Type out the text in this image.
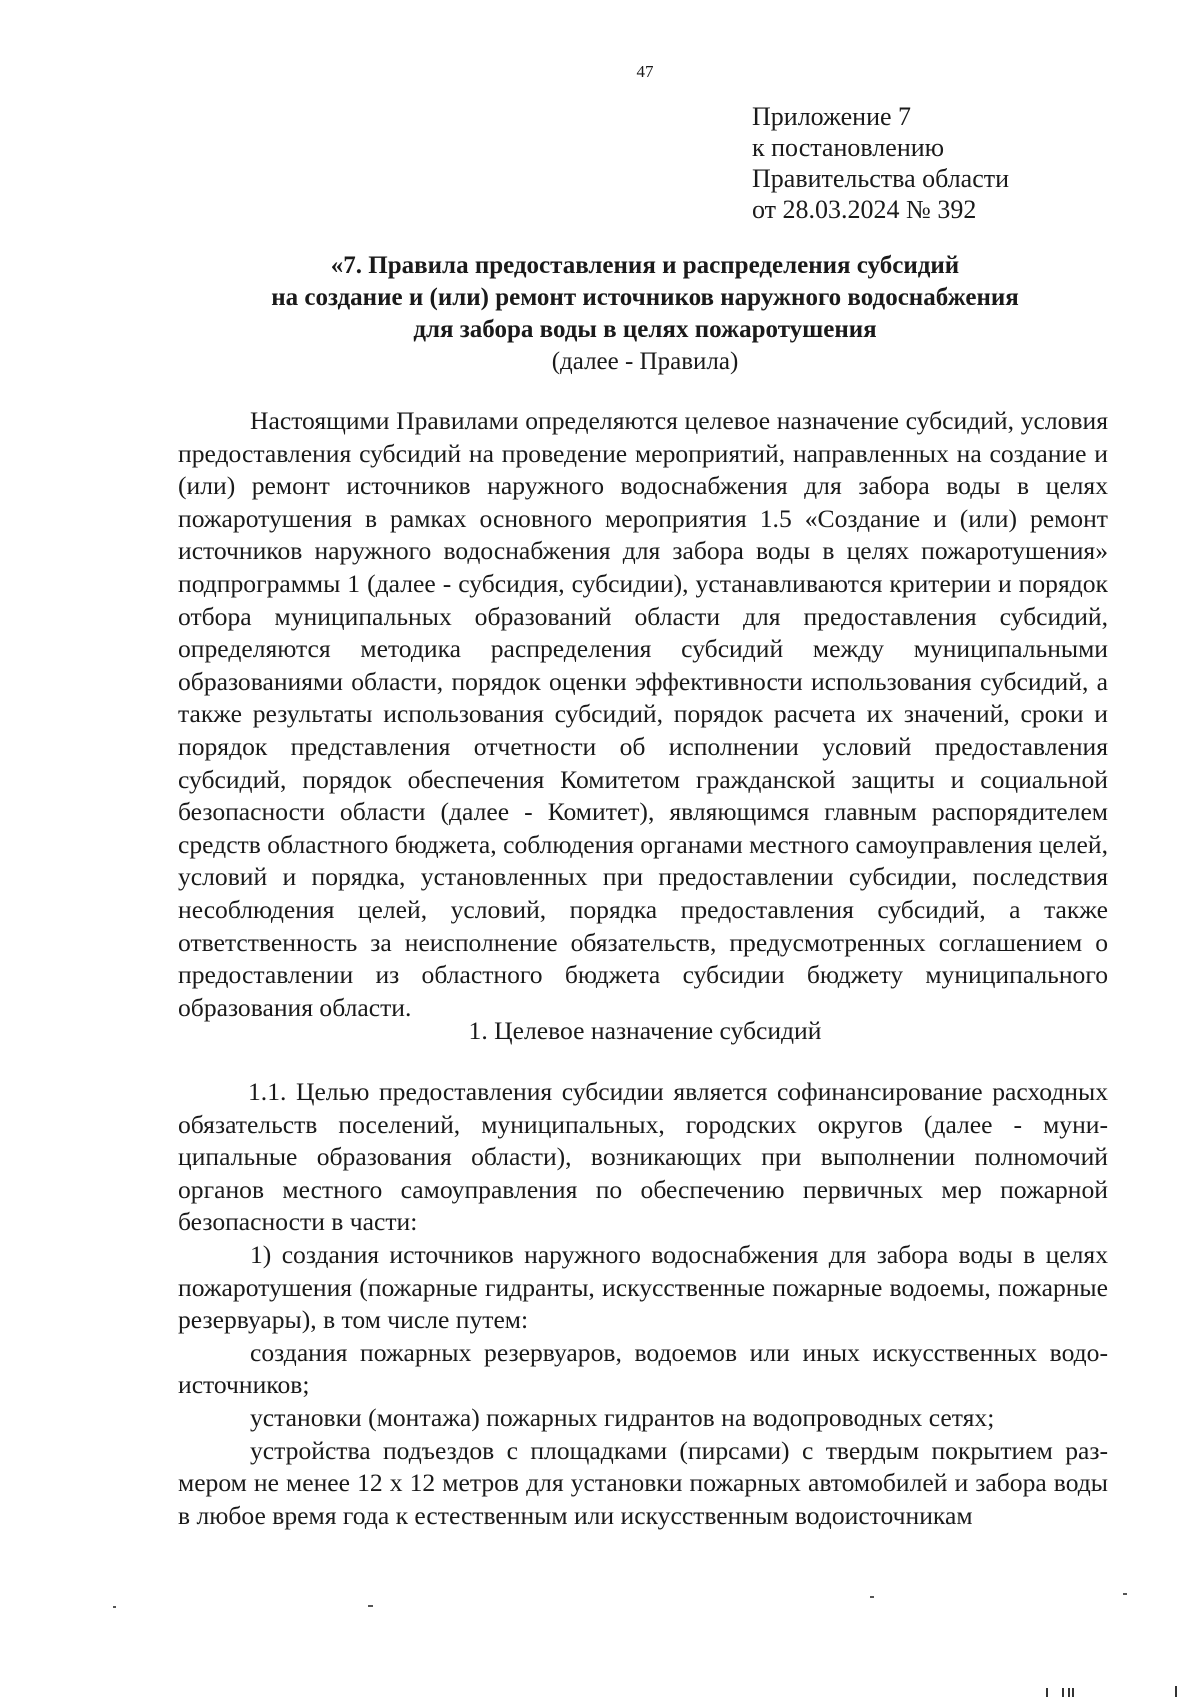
47
Приложение 7
к постановлению
Правительства области
от 28.03.2024 № 392
«7. Правила предоставления и распределения субсидий
на создание и (или) ремонт источников наружного водоснабжения
для забора воды в целях пожаротушения
(далее - Правила)

Настоящими Правилами определяются целевое назначение субсидий, условия предоставления субсидий на проведение мероприятий, направленных на создание и (или) ремонт источников наружного водоснабжения для забора воды в целях пожаротушения в рамках основного мероприятия 1.5 «Создание и (или) ремонт источников наружного водоснабжения для забора воды в целях пожаротушения» подпрограммы 1 (далее - субсидия, субсидии), устанавливаются критерии и порядок отбора муниципальных образований области для предоставления субсидий, определяются методика распределения субсидий между муниципальными образованиями области, порядок оценки эффективности использования субсидий, а также результаты использования субсидий, порядок расчета их значений, сроки и порядок представления отчетности об исполнении условий предоставления субсидий, порядок обеспечения Комитетом гражданской защиты и социальной безопасности области (далее - Комитет), являющимся главным распорядителем средств областного бюджета, соблюдения органами местного самоуправления целей, условий и порядка, установленных при предоставлении субсидии, последствия несоблюдения целей, условий, порядка предоставления субсидий, а также ответственность за неисполнение обязательств, предусмотренных соглашением о предоставлении из областного бюджета субсидии бюджету муниципального образования области.

1. Целевое назначение субсидий

1.1. Целью предоставления субсидии является софинансирование расходных обязательств поселений, муниципальных, городских округов (далее - муниципальные образования области), возникающих при выполнении полномочий органов местного самоуправления по обеспечению первичных мер пожарной безопасности в части:

1) создания источников наружного водоснабжения для забора воды в целях пожаротушения (пожарные гидранты, искусственные пожарные водоемы, пожарные резервуары), в том числе путем:

создания пожарных резервуаров, водоемов или иных искусственных водоисточников;

установки (монтажа) пожарных гидрантов на водопроводных сетях;

устройства подъездов с площадками (пирсами) с твердым покрытием размером не менее 12 х 12 метров для установки пожарных автомобилей и забора воды в любое время года к естественным или искусственным водоисточникам
